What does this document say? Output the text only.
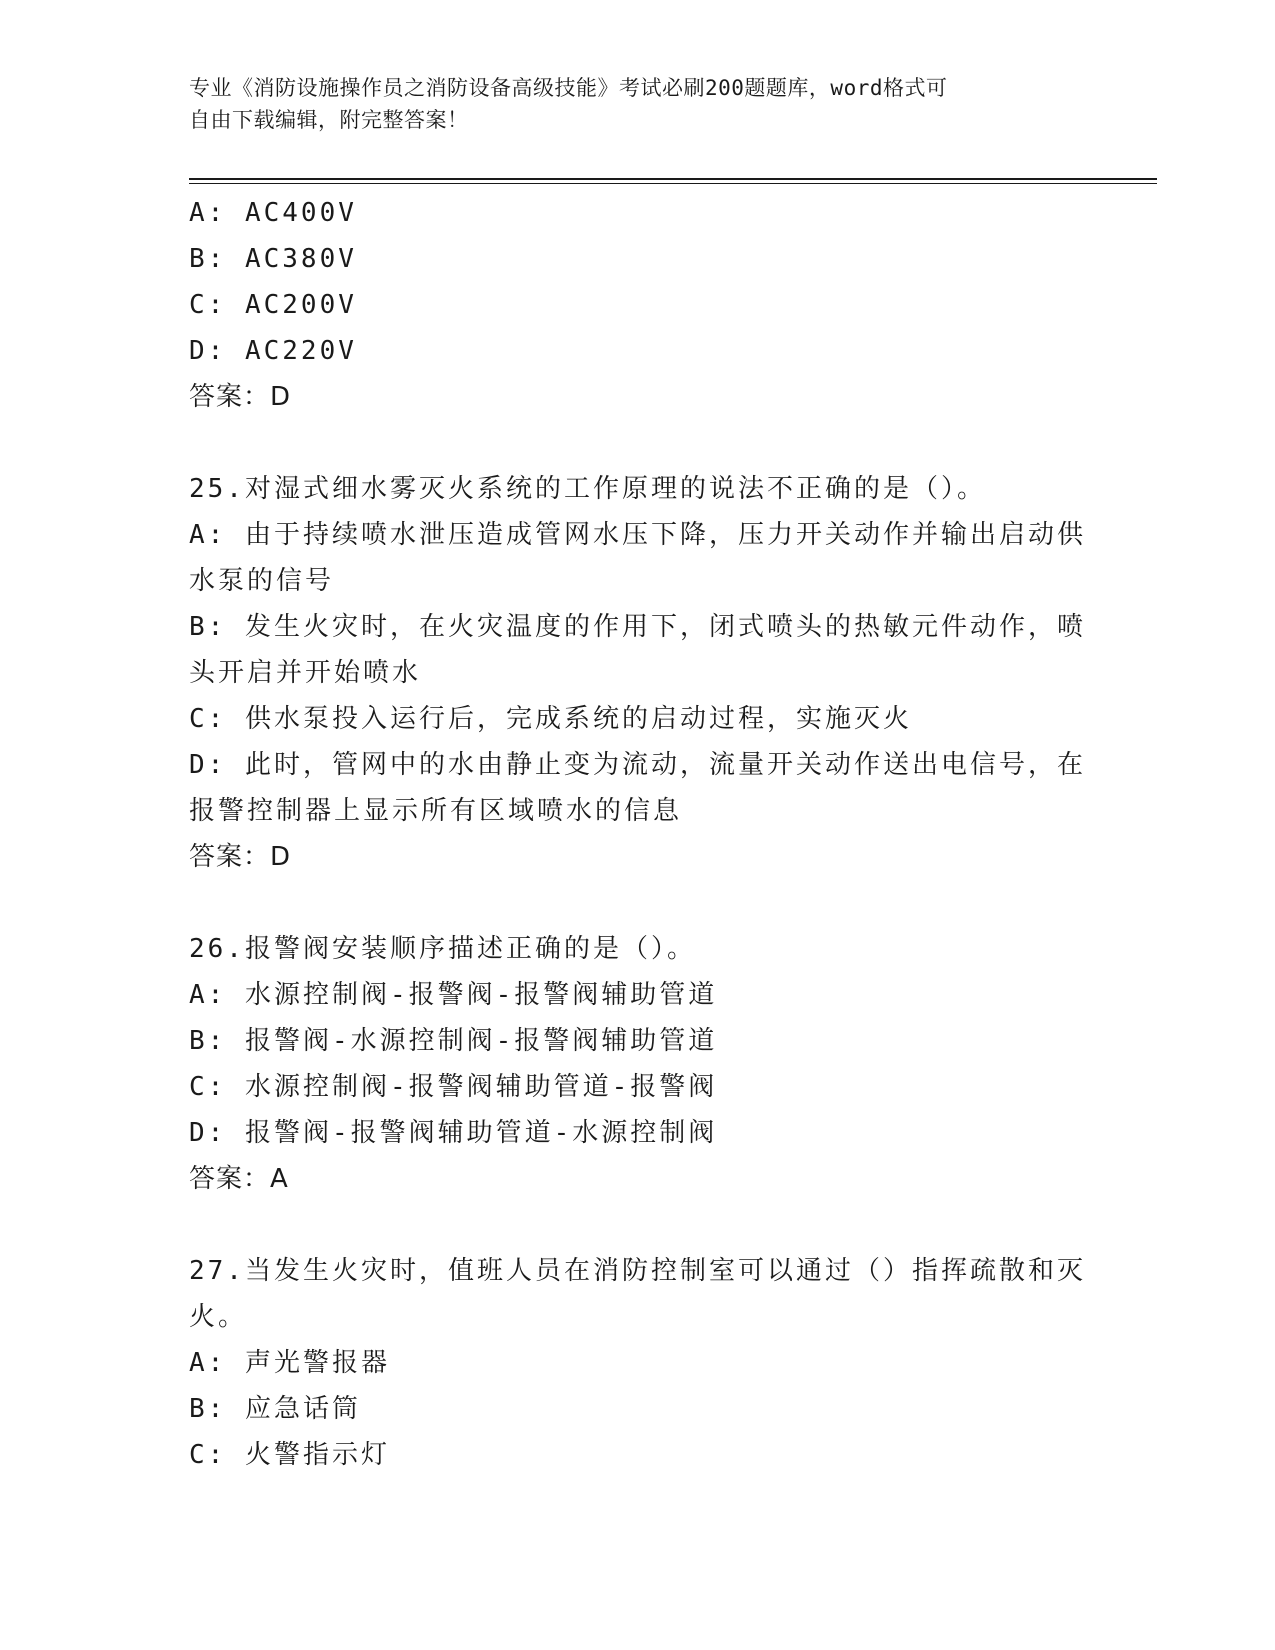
专业《消防设施操作员之消防设备高级技能》考试必刷200题题库，word格式可
自由下载编辑，附完整答案！
A: AC400V
B: AC380V
C: AC200V
D: AC220V
答案：D
25.对湿式细水雾灭火系统的工作原理的说法不正确的是（）。
A: 由于持续喷水泄压造成管网水压下降，压力开关动作并输出启动供
水泵的信号
B: 发生火灾时，在火灾温度的作用下，闭式喷头的热敏元件动作，喷
头开启并开始喷水
C: 供水泵投入运行后，完成系统的启动过程，实施灭火
D: 此时，管网中的水由静止变为流动，流量开关动作送出电信号，在
报警控制器上显示所有区域喷水的信息
答案：D
26.报警阀安装顺序描述正确的是（）。
A: 水源控制阀-报警阀-报警阀辅助管道
B: 报警阀-水源控制阀-报警阀辅助管道
C: 水源控制阀-报警阀辅助管道-报警阀
D: 报警阀-报警阀辅助管道-水源控制阀
答案：A
27.当发生火灾时，值班人员在消防控制室可以通过（）指挥疏散和灭
火。
A: 声光警报器
B: 应急话筒
C: 火警指示灯
